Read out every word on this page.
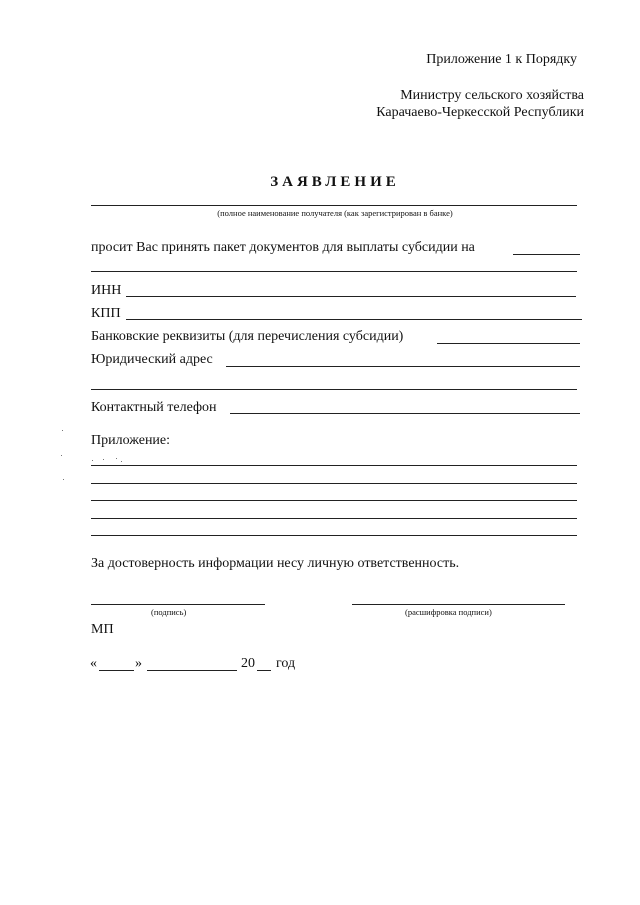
Приложение 1 к Порядку
Министру сельского хозяйства
Карачаево-Черкесской Республики
ЗАЯВЛЕНИЕ
(полное наименование получателя (как зарегистрирован в банке)
просит Вас принять пакет документов для выплаты субсидии на
ИНН
КПП
Банковские реквизиты (для перечисления субсидии)
Юридический адрес
Контактный телефон
Приложение:
За достоверность информации несу личную ответственность.
(подпись)	(расшифровка подписи)
МП
«	»	20 год
